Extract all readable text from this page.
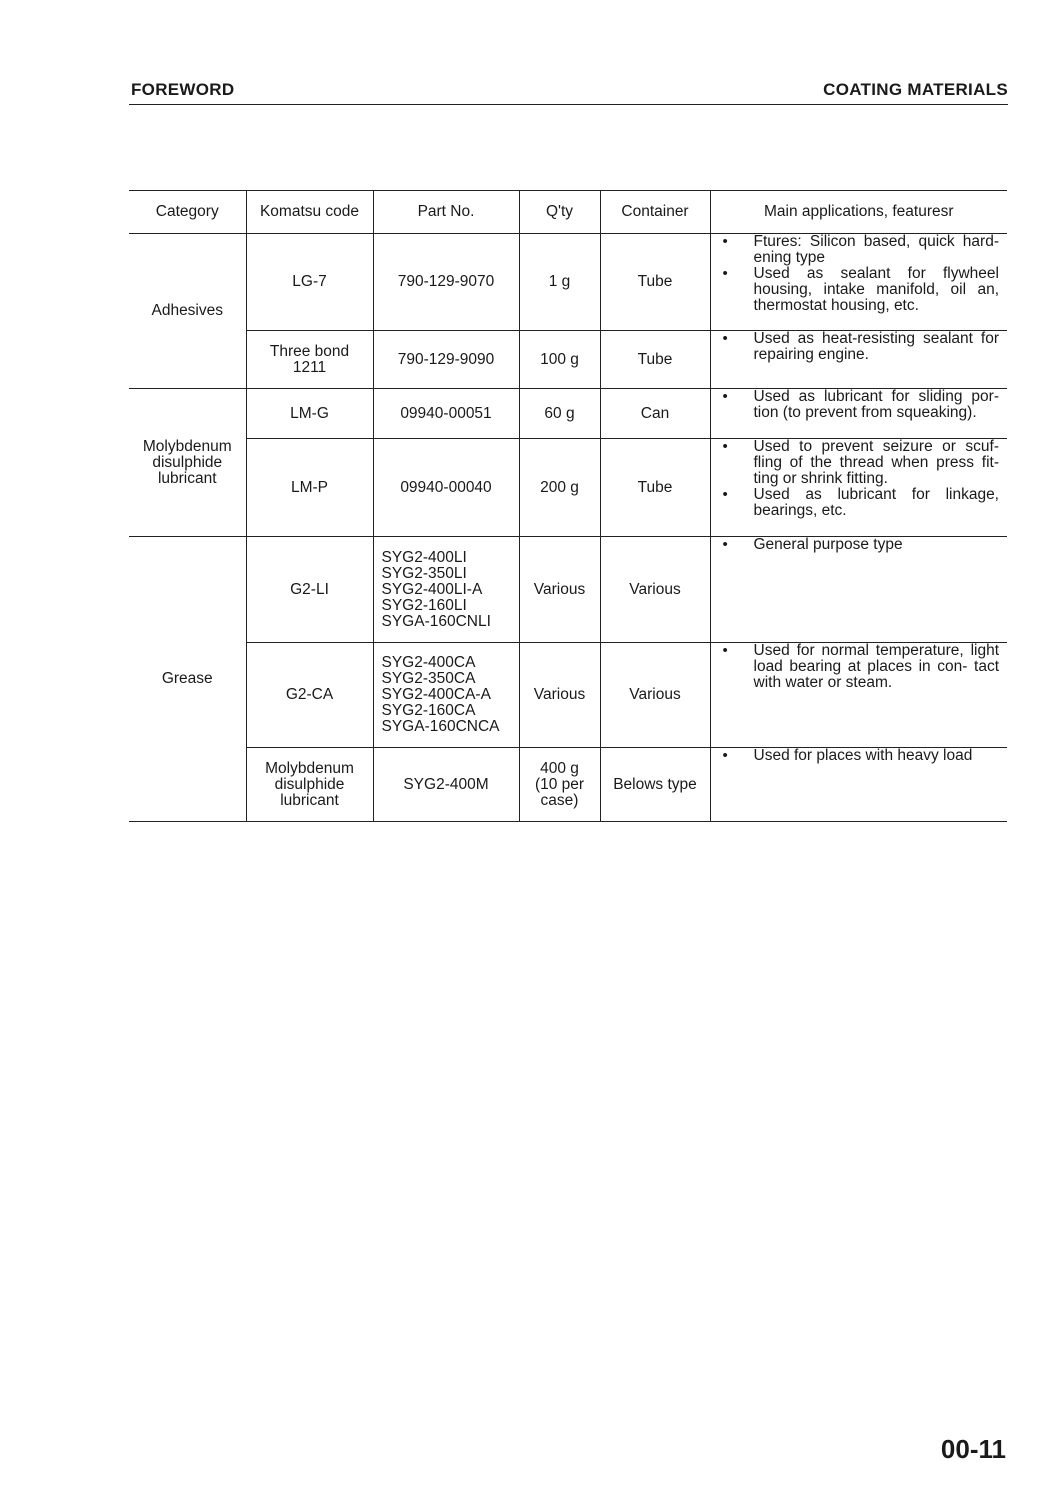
FOREWORD	COATING MATERIALS
Category	Komatsu code	Part No.	Q'ty	Container	Main applications, featuresr

Adhesives	LG-7	790-129-9070	1 g	Tube	• Ftures: Silicon based, quick hard- ening type
• Used as sealant for flywheel housing, intake manifold, oil an, thermostat housing, etc.

	Three bond
1211	790-129-9090	100 g	Tube	• Used as heat-resisting sealant for repairing engine.

Molybdenum
disulphide
lubricant	LM-G	09940-00051	60 g	Can	• Used as lubricant for sliding por- tion (to prevent from squeaking).

	LM-P	09940-00040	200 g	Tube	• Used to prevent seizure or scuf- fling of the thread when press fit- ting or shrink fitting.
• Used as lubricant for linkage, bearings, etc.

Grease	G2-LI	SYG2-400LI
SYG2-350LI
SYG2-400LI-A
SYG2-160LI
SYGA-160CNLI	Various	Various	• General purpose type

	G2-CA	SYG2-400CA
SYG2-350CA
SYG2-400CA-A
SYG2-160CA
SYGA-160CNCA	Various	Various	• Used for normal temperature, light load bearing at places in con- tact with water or steam.

	Molybdenum
disulphide
lubricant	SYG2-400M	400 g
(10 per
case)	Belows type	• Used for places with heavy load
00-11
